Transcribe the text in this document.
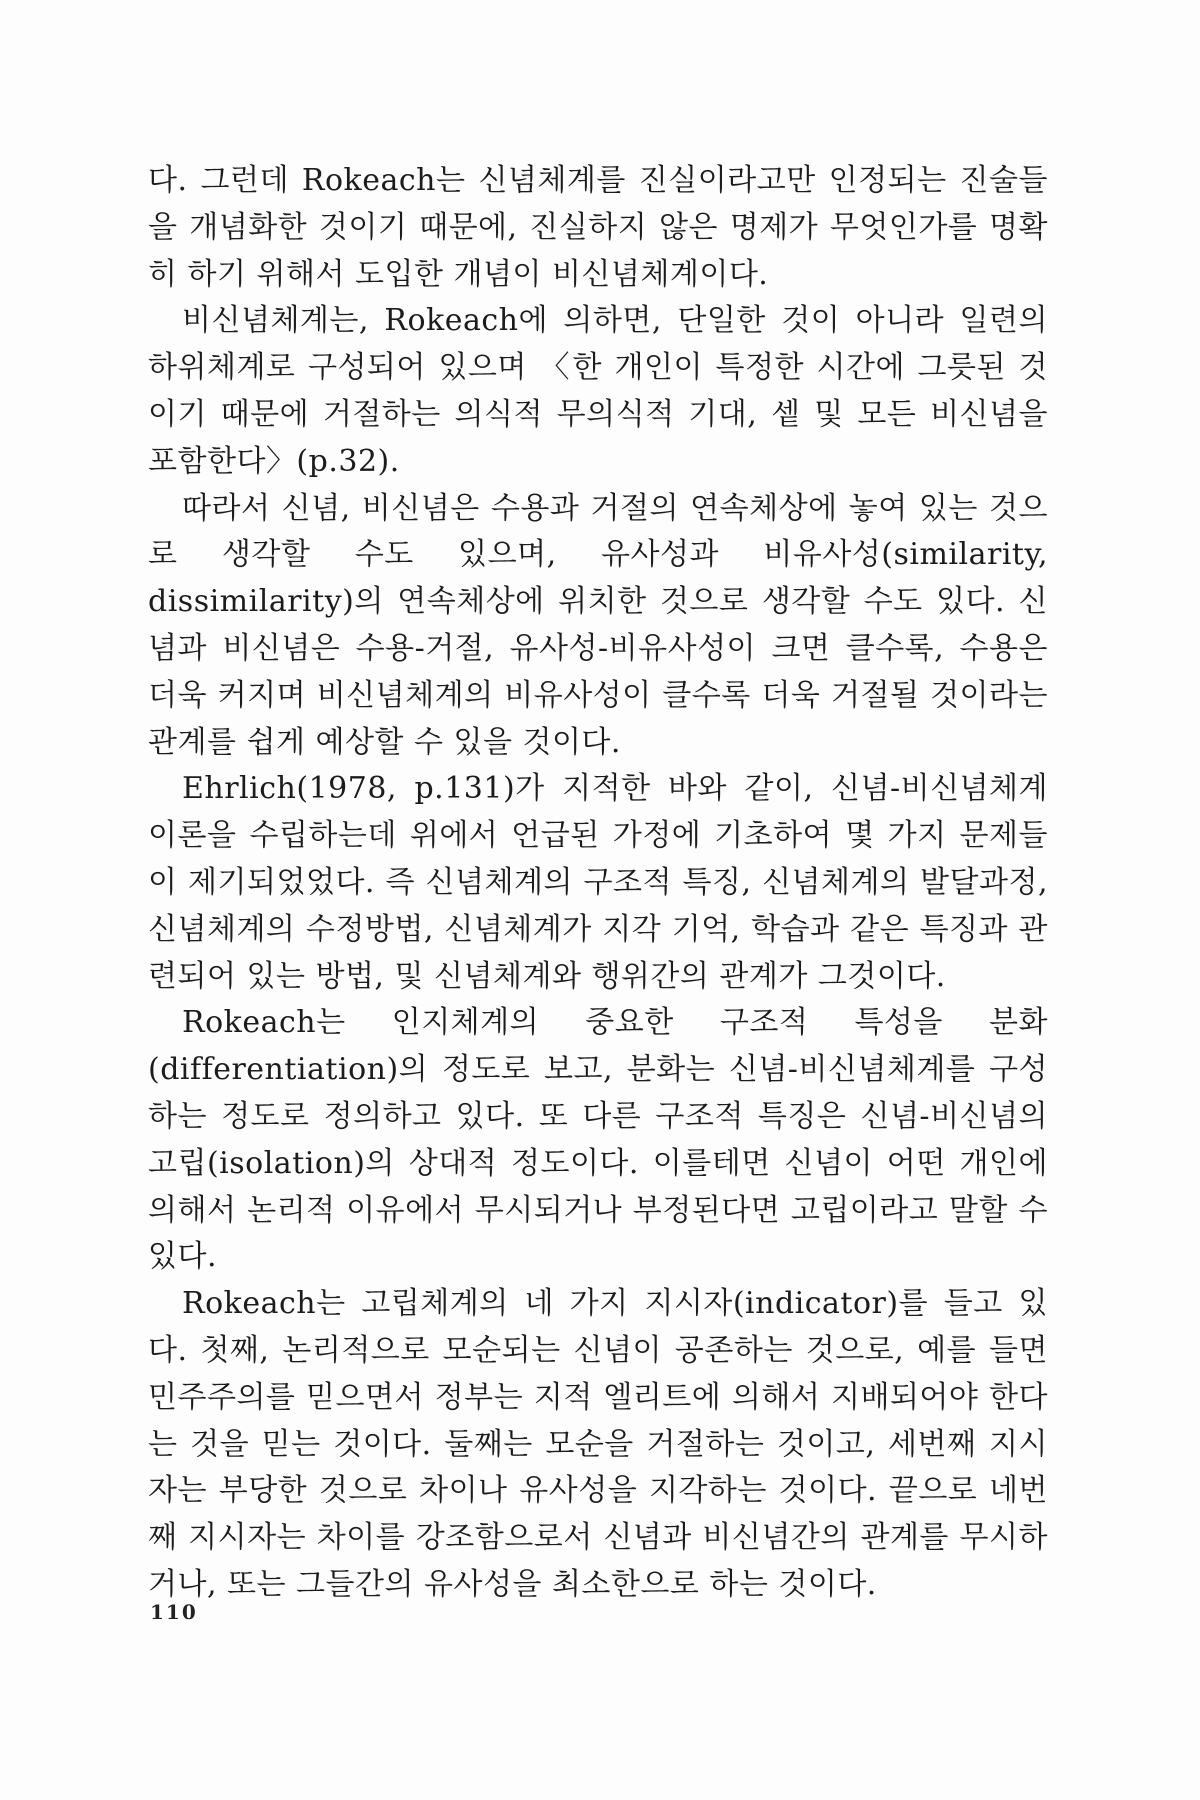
다. 그런데 Rokeach는 신념체계를 진실이라고만 인정되는 진술들을 개념화한 것이기 때문에, 진실하지 않은 명제가 무엇인가를 명확히 하기 위해서 도입한 개념이 비신념체계이다.

비신념체계는, Rokeach에 의하면, 단일한 것이 아니라 일련의 하위체계로 구성되어 있으며 〈한 개인이 특정한 시간에 그릇된 것이기 때문에 거절하는 의식적 무의식적 기대, 셑 및 모든 비신념을 포함한다〉(p.32).

따라서 신념, 비신념은 수용과 거절의 연속체상에 놓여 있는 것으로 생각할 수도 있으며, 유사성과 비유사성(similarity, dissimilarity)의 연속체상에 위치한 것으로 생각할 수도 있다. 신념과 비신념은 수용-거절, 유사성-비유사성이 크면 클수록, 수용은 더욱 커지며 비신념체계의 비유사성이 클수록 더욱 거절될 것이라는 관계를 쉽게 예상할 수 있을 것이다.

Ehrlich(1978, p.131)가 지적한 바와 같이, 신념-비신념체계 이론을 수립하는데 위에서 언급된 가정에 기초하여 몇 가지 문제들이 제기되었었다. 즉 신념체계의 구조적 특징, 신념체계의 발달과정, 신념체계의 수정방법, 신념체계가 지각 기억, 학습과 같은 특징과 관련되어 있는 방법, 및 신념체계와 행위간의 관계가 그것이다.

Rokeach는 인지체계의 중요한 구조적 특성을 분화(differentiation)의 정도로 보고, 분화는 신념-비신념체계를 구성하는 정도로 정의하고 있다. 또 다른 구조적 특징은 신념-비신념의 고립(isolation)의 상대적 정도이다. 이를테면 신념이 어떤 개인에 의해서 논리적 이유에서 무시되거나 부정된다면 고립이라고 말할 수 있다.

Rokeach는 고립체계의 네 가지 지시자(indicator)를 들고 있다. 첫째, 논리적으로 모순되는 신념이 공존하는 것으로, 예를 들면 민주주의를 믿으면서 정부는 지적 엘리트에 의해서 지배되어야 한다는 것을 믿는 것이다. 둘째는 모순을 거절하는 것이고, 세번째 지시자는 부당한 것으로 차이나 유사성을 지각하는 것이다. 끝으로 네번째 지시자는 차이를 강조함으로서 신념과 비신념간의 관계를 무시하거나, 또는 그들간의 유사성을 최소한으로 하는 것이다.

110
